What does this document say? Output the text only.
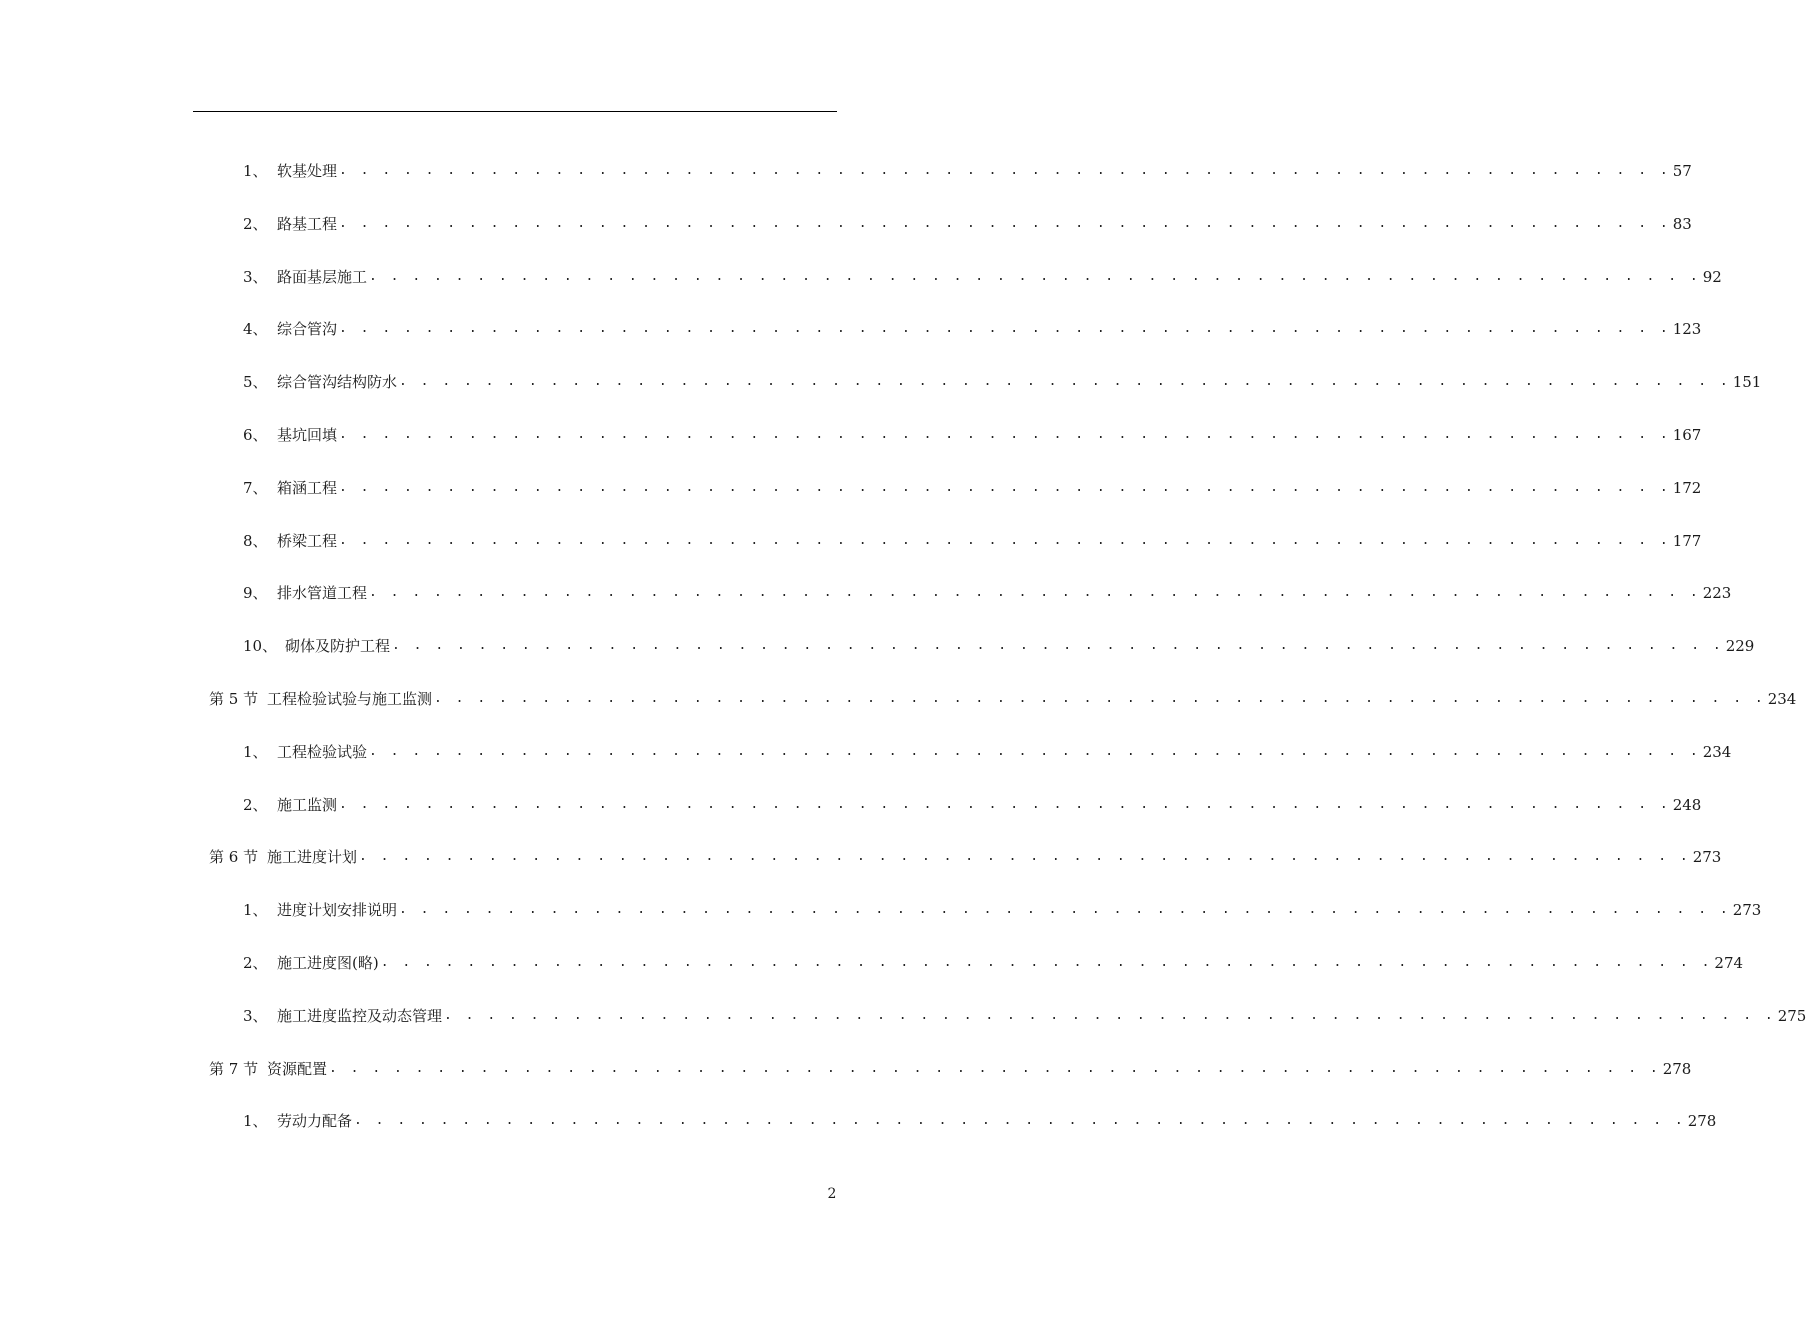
1、 软基处理 . . . . . . . . . . . . . . . . . . . . . . . . . . . . . . . . . . . . . . . . . . . . . . . . . . . . . . . . . . . . . . 57
2、 路基工程 . . . . . . . . . . . . . . . . . . . . . . . . . . . . . . . . . . . . . . . . . . . . . . . . . . . . . . . . . . . . . . 83
3、 路面基层施工 . . . . . . . . . . . . . . . . . . . . . . . . . . . . . . . . . . . . . . . . . . . . . . . . . . . . . . . . . . . . . . 92
4、 综合管沟 . . . . . . . . . . . . . . . . . . . . . . . . . . . . . . . . . . . . . . . . . . . . . . . . . . . . . . . . . . . . . . 123
5、 综合管沟结构防水 . . . . . . . . . . . . . . . . . . . . . . . . . . . . . . . . . . . . . . . . . . . . . . . . . . . . . . . . . . . . . . 151
6、 基坑回填 . . . . . . . . . . . . . . . . . . . . . . . . . . . . . . . . . . . . . . . . . . . . . . . . . . . . . . . . . . . . . . 167
7、 箱涵工程 . . . . . . . . . . . . . . . . . . . . . . . . . . . . . . . . . . . . . . . . . . . . . . . . . . . . . . . . . . . . . . 172
8、 桥梁工程 . . . . . . . . . . . . . . . . . . . . . . . . . . . . . . . . . . . . . . . . . . . . . . . . . . . . . . . . . . . . . . 177
9、 排水管道工程 . . . . . . . . . . . . . . . . . . . . . . . . . . . . . . . . . . . . . . . . . . . . . . . . . . . . . . . . . . . . . . 223
10、 砌体及防护工程 . . . . . . . . . . . . . . . . . . . . . . . . . . . . . . . . . . . . . . . . . . . . . . . . . . . . . . . . . . . . . . 229
第 5 节 工程检验试验与施工监测 . . . . . . . . . . . . . . . . . . . . . . . . . . . . . . . . . . . . . . . . . . . . . . . . . . . . . . . . . . . . . . 234
1、 工程检验试验 . . . . . . . . . . . . . . . . . . . . . . . . . . . . . . . . . . . . . . . . . . . . . . . . . . . . . . . . . . . . . . 234
2、 施工监测 . . . . . . . . . . . . . . . . . . . . . . . . . . . . . . . . . . . . . . . . . . . . . . . . . . . . . . . . . . . . . . 248
第 6 节 施工进度计划 . . . . . . . . . . . . . . . . . . . . . . . . . . . . . . . . . . . . . . . . . . . . . . . . . . . . . . . . . . . . . . 273
1、 进度计划安排说明 . . . . . . . . . . . . . . . . . . . . . . . . . . . . . . . . . . . . . . . . . . . . . . . . . . . . . . . . . . . . . . 273
2、 施工进度图(略) . . . . . . . . . . . . . . . . . . . . . . . . . . . . . . . . . . . . . . . . . . . . . . . . . . . . . . . . . . . . . . 274
3、 施工进度监控及动态管理 . . . . . . . . . . . . . . . . . . . . . . . . . . . . . . . . . . . . . . . . . . . . . . . . . . . . . . . . . . . . . . 275
第 7 节 资源配置 . . . . . . . . . . . . . . . . . . . . . . . . . . . . . . . . . . . . . . . . . . . . . . . . . . . . . . . . . . . . . . 278
1、 劳动力配备 . . . . . . . . . . . . . . . . . . . . . . . . . . . . . . . . . . . . . . . . . . . . . . . . . . . . . . . . . . . . . . 278
2
